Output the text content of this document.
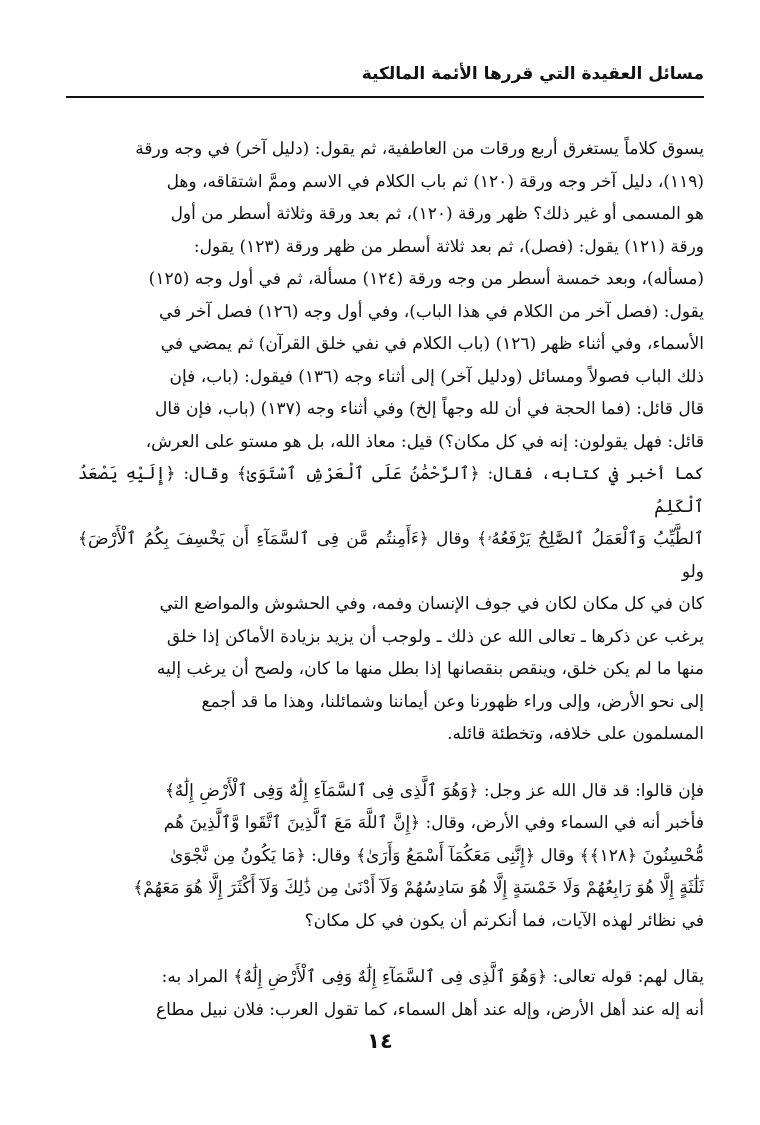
مسائل العقيدة التي قررها الأئمة المالكية

يسوق كلاماً يستغرق أربع ورقات من العاطفية، ثم يقول: (دليل آخر) في وجه ورقة
(١١٩)، دليل آخر وجه ورقة (١٢٠) ثم باب الكلام في الاسم وممَّ اشتقاقه، وهل
هو المسمى أو غير ذلك؟ ظهر ورقة (١٢٠)، ثم بعد ورقة وثلاثة أسطر من أول
ورقة (١٢١) يقول: (فصل)، ثم بعد ثلاثة أسطر من ظهر ورقة (١٢٣) يقول:
(مسأله)، وبعد خمسة أسطر من وجه ورقة (١٢٤) مسألة، ثم في أول وجه (١٢٥)
يقول: (فصل آخر من الكلام في هذا الباب)، وفي أول وجه (١٢٦) فصل آخر في
الأسماء، وفي أثناء ظهر (١٢٦) (باب الكلام في نفي خلق القرآن) ثم يمضي في
ذلك الباب فصولاً ومسائل (ودليل آخر) إلى أثناء وجه (١٣٦) فيقول: (باب، فإن
قال قائل: (فما الحجة في أن لله وجهاً إلخ) وفي أثناء وجه (١٣٧) (باب، فإن قال
قائل: فهل يقولون: إنه في كل مكان؟) قيل: معاذ الله، بل هو مستو على العرش،
كما أخبر في كتابه، فقال: ﴿ٱلرَّحْمَٰنُ عَلَى ٱلْعَرْشِ ٱسْتَوَىٰ﴾ وقال: ﴿إِلَيْهِ يَصْعَدُ ٱلْكَلِمُ
ٱلطَّيِّبُ وَٱلْعَمَلُ ٱلصَّٰلِحُ يَرْفَعُهُۥ﴾ وقال ﴿ءَأَمِنتُم مَّن فِى ٱلسَّمَآءِ أَن يَخْسِفَ بِكُمُ ٱلْأَرْضَ﴾ ولو
كان في كل مكان لكان في جوف الإنسان وفمه، وفي الحشوش والمواضع التي
يرغب عن ذكرها ـ تعالى الله عن ذلك ـ ولوجب أن يزيد بزيادة الأماكن إذا خلق
منها ما لم يكن خلق، وينقص بنقصانها إذا بطل منها ما كان، ولصح أن يرغب إليه
إلى نحو الأرض، وإلى وراء ظهورنا وعن أيماننا وشمائلنا، وهذا ما قد أجمع
المسلمون على خلافه، وتخطئة قائله.

فإن قالوا: قد قال الله عز وجل: ﴿وَهُوَ ٱلَّذِى فِى ٱلسَّمَآءِ إِلَٰهٌ وَفِى ٱلْأَرْضِ إِلَٰهٌ﴾
فأخبر أنه في السماء وفي الأرض، وقال: ﴿إِنَّ ٱللَّهَ مَعَ ٱلَّذِينَ ٱتَّقَوا وَّٱلَّذِينَ هُم
مُّحْسِنُونَ ﴿١٢٨﴾﴾ وقال ﴿إِنَّنِى مَعَكُمَآ أَسْمَعُ وَأَرَىٰ﴾ وقال: ﴿مَا يَكُونُ مِن نَّجْوَىٰ
ثَلَٰثَةٍ إِلَّا هُوَ رَابِعُهُمْ وَلَا خَمْسَةٍ إِلَّا هُوَ سَادِسُهُمْ وَلَآ أَدْنَىٰ مِن ذَٰلِكَ وَلَآ أَكْثَرَ إِلَّا هُوَ مَعَهُمْ﴾
في نظائر لهذه الآيات، فما أنكرتم أن يكون في كل مكان؟

يقال لهم: قوله تعالى: ﴿وَهُوَ ٱلَّذِى فِى ٱلسَّمَآءِ إِلَٰهٌ وَفِى ٱلْأَرْضِ إِلَٰهٌ﴾ المراد به:
أنه إله عند أهل الأرض، وإله عند أهل السماء، كما تقول العرب: فلان نبيل مطاع

١٤
